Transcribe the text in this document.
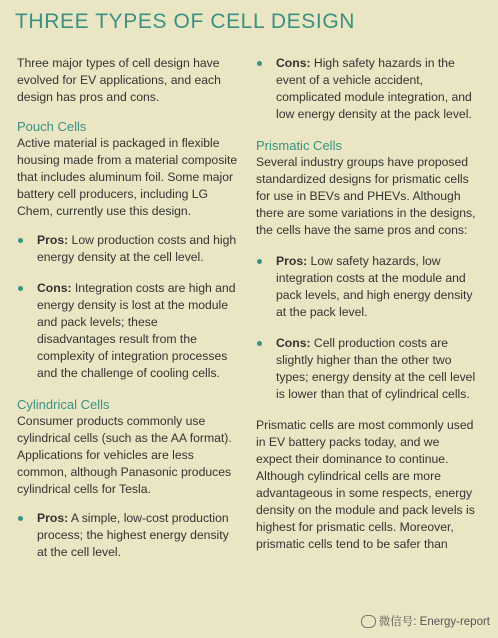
THREE TYPES OF CELL DESIGN

Three major types of cell design have evolved for EV applications, and each design has pros and cons.

Pouch Cells

Active material is packaged in flexible housing made from a material composite that includes aluminum foil. Some major battery cell producers, including LG Chem, currently use this design.

Pros: Low production costs and high energy density at the cell level.
Cons: Integration costs are high and energy density is lost at the module and pack levels; these disadvantages result from the complexity of integration processes and the challenge of cooling cells.

Cylindrical Cells

Consumer products commonly use cylindrical cells (such as the AA format). Applications for vehicles are less common, although Panasonic produces cylindrical cells for Tesla.

Pros: A simple, low-cost production process; the highest energy density at the cell level.
Cons: High safety hazards in the event of a vehicle accident, complicated module integration, and low energy density at the pack level.

Prismatic Cells

Several industry groups have proposed standardized designs for prismatic cells for use in BEVs and PHEVs. Although there are some variations in the designs, the cells have the same pros and cons:

Pros: Low safety hazards, low integration costs at the module and pack levels, and high energy density at the pack level.
Cons: Cell production costs are slightly higher than the other two types; energy density at the cell level is lower than that of cylindrical cells.

Prismatic cells are most commonly used in EV battery packs today, and we expect their dominance to continue. Although cylindrical cells are more advantageous in some respects, energy density on the module and pack levels is highest for prismatic cells. Moreover, prismatic cells tend to be safer than

微信号: Energy-report
